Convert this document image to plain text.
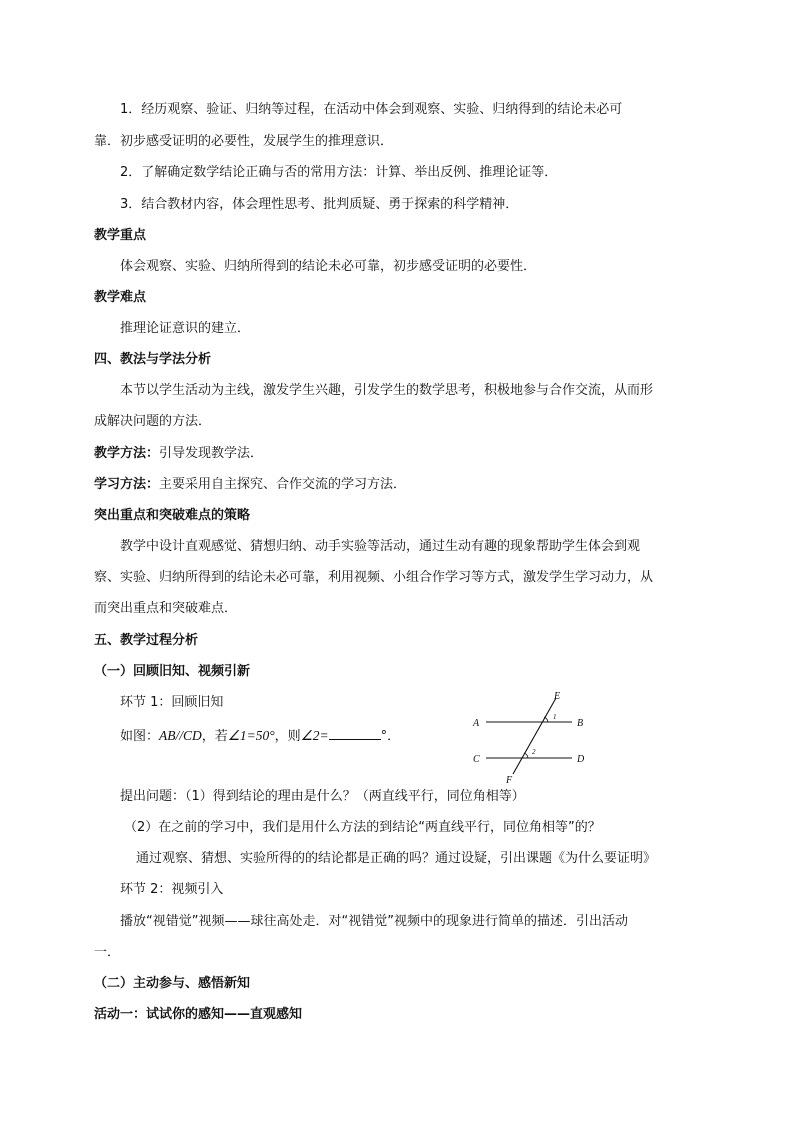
1．经历观察、验证、归纳等过程，在活动中体会到观察、实验、归纳得到的结论未必可
靠．初步感受证明的必要性，发展学生的推理意识．
2．了解确定数学结论正确与否的常用方法：计算、举出反例、推理论证等．
3．结合教材内容，体会理性思考、批判质疑、勇于探索的科学精神．
教学重点
体会观察、实验、归纳所得到的结论未必可靠，初步感受证明的必要性．
教学难点
推理论证意识的建立．
四、教法与学法分析
本节以学生活动为主线，激发学生兴趣，引发学生的数学思考，积极地参与合作交流，从而形
成解决问题的方法．
教学方法：引导发现教学法．
学习方法：主要采用自主探究、合作交流的学习方法．
突出重点和突破难点的策略
教学中设计直观感觉、猜想归纳、动手实验等活动，通过生动有趣的现象帮助学生体会到观
察、实验、归纳所得到的结论未必可靠，利用视频、小组合作学习等方式，激发学生学习动力，从
而突出重点和突破难点．
五、教学过程分析
（一）回顾旧知、视频引新
环节 1：回顾旧知
如图：AB//CD，若∠1=50°，则∠2=	°．
E
A	B
C	D
F
1
2
提出问题：（1）得到结论的理由是什么？（两直线平行，同位角相等）
（2）在之前的学习中，我们是用什么方法的到结论“两直线平行，同位角相等”的？
通过观察、猜想、实验所得的的结论都是正确的吗？通过设疑，引出课题《为什么要证明》
环节 2：视频引入
播放“视错觉”视频——球往高处走．对“视错觉”视频中的现象进行简单的描述．引出活动
一．
（二）主动参与、感悟新知
活动一：试试你的感知——直观感知
